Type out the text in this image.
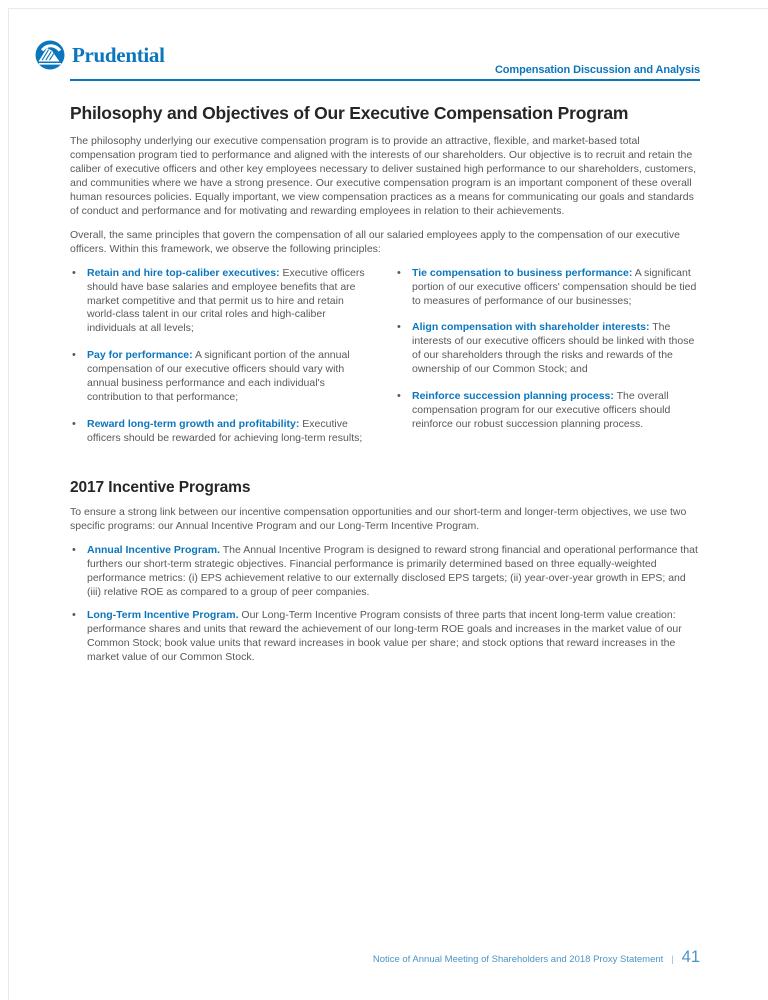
Prudential
Compensation Discussion and Analysis
Philosophy and Objectives of Our Executive Compensation Program

The philosophy underlying our executive compensation program is to provide an attractive, flexible, and market-based total compensation program tied to performance and aligned with the interests of our shareholders. Our objective is to recruit and retain the caliber of executive officers and other key employees necessary to deliver sustained high performance to our shareholders, customers, and communities where we have a strong presence. Our executive compensation program is an important component of these overall human resources policies. Equally important, we view compensation practices as a means for communicating our goals and standards of conduct and performance and for motivating and rewarding employees in relation to their achievements.

Overall, the same principles that govern the compensation of all our salaried employees apply to the compensation of our executive officers. Within this framework, we observe the following principles:

• Retain and hire top-caliber executives: Executive officers should have base salaries and employee benefits that are market competitive and that permit us to hire and retain world-class talent in our crital roles and high-caliber individuals at all levels;
• Pay for performance: A significant portion of the annual compensation of our executive officers should vary with annual business performance and each individual's contribution to that performance;
• Reward long-term growth and profitability: Executive officers should be rewarded for achieving long-term results;
• Tie compensation to business performance: A significant portion of our executive officers' compensation should be tied to measures of performance of our businesses;
• Align compensation with shareholder interests: The interests of our executive officers should be linked with those of our shareholders through the risks and rewards of the ownership of our Common Stock; and
• Reinforce succession planning process: The overall compensation program for our executive officers should reinforce our robust succession planning process.
2017 Incentive Programs

To ensure a strong link between our incentive compensation opportunities and our short-term and longer-term objectives, we use two specific programs: our Annual Incentive Program and our Long-Term Incentive Program.

• Annual Incentive Program. The Annual Incentive Program is designed to reward strong financial and operational performance that furthers our short-term strategic objectives. Financial performance is primarily determined based on three equally-weighted performance metrics: (i) EPS achievement relative to our externally disclosed EPS targets; (ii) year-over-year growth in EPS; and (iii) relative ROE as compared to a group of peer companies.
• Long-Term Incentive Program. Our Long-Term Incentive Program consists of three parts that incent long-term value creation: performance shares and units that reward the achievement of our long-term ROE goals and increases in the market value of our Common Stock; book value units that reward increases in book value per share; and stock options that reward increases in the market value of our Common Stock.
Notice of Annual Meeting of Shareholders and 2018 Proxy Statement | 41
